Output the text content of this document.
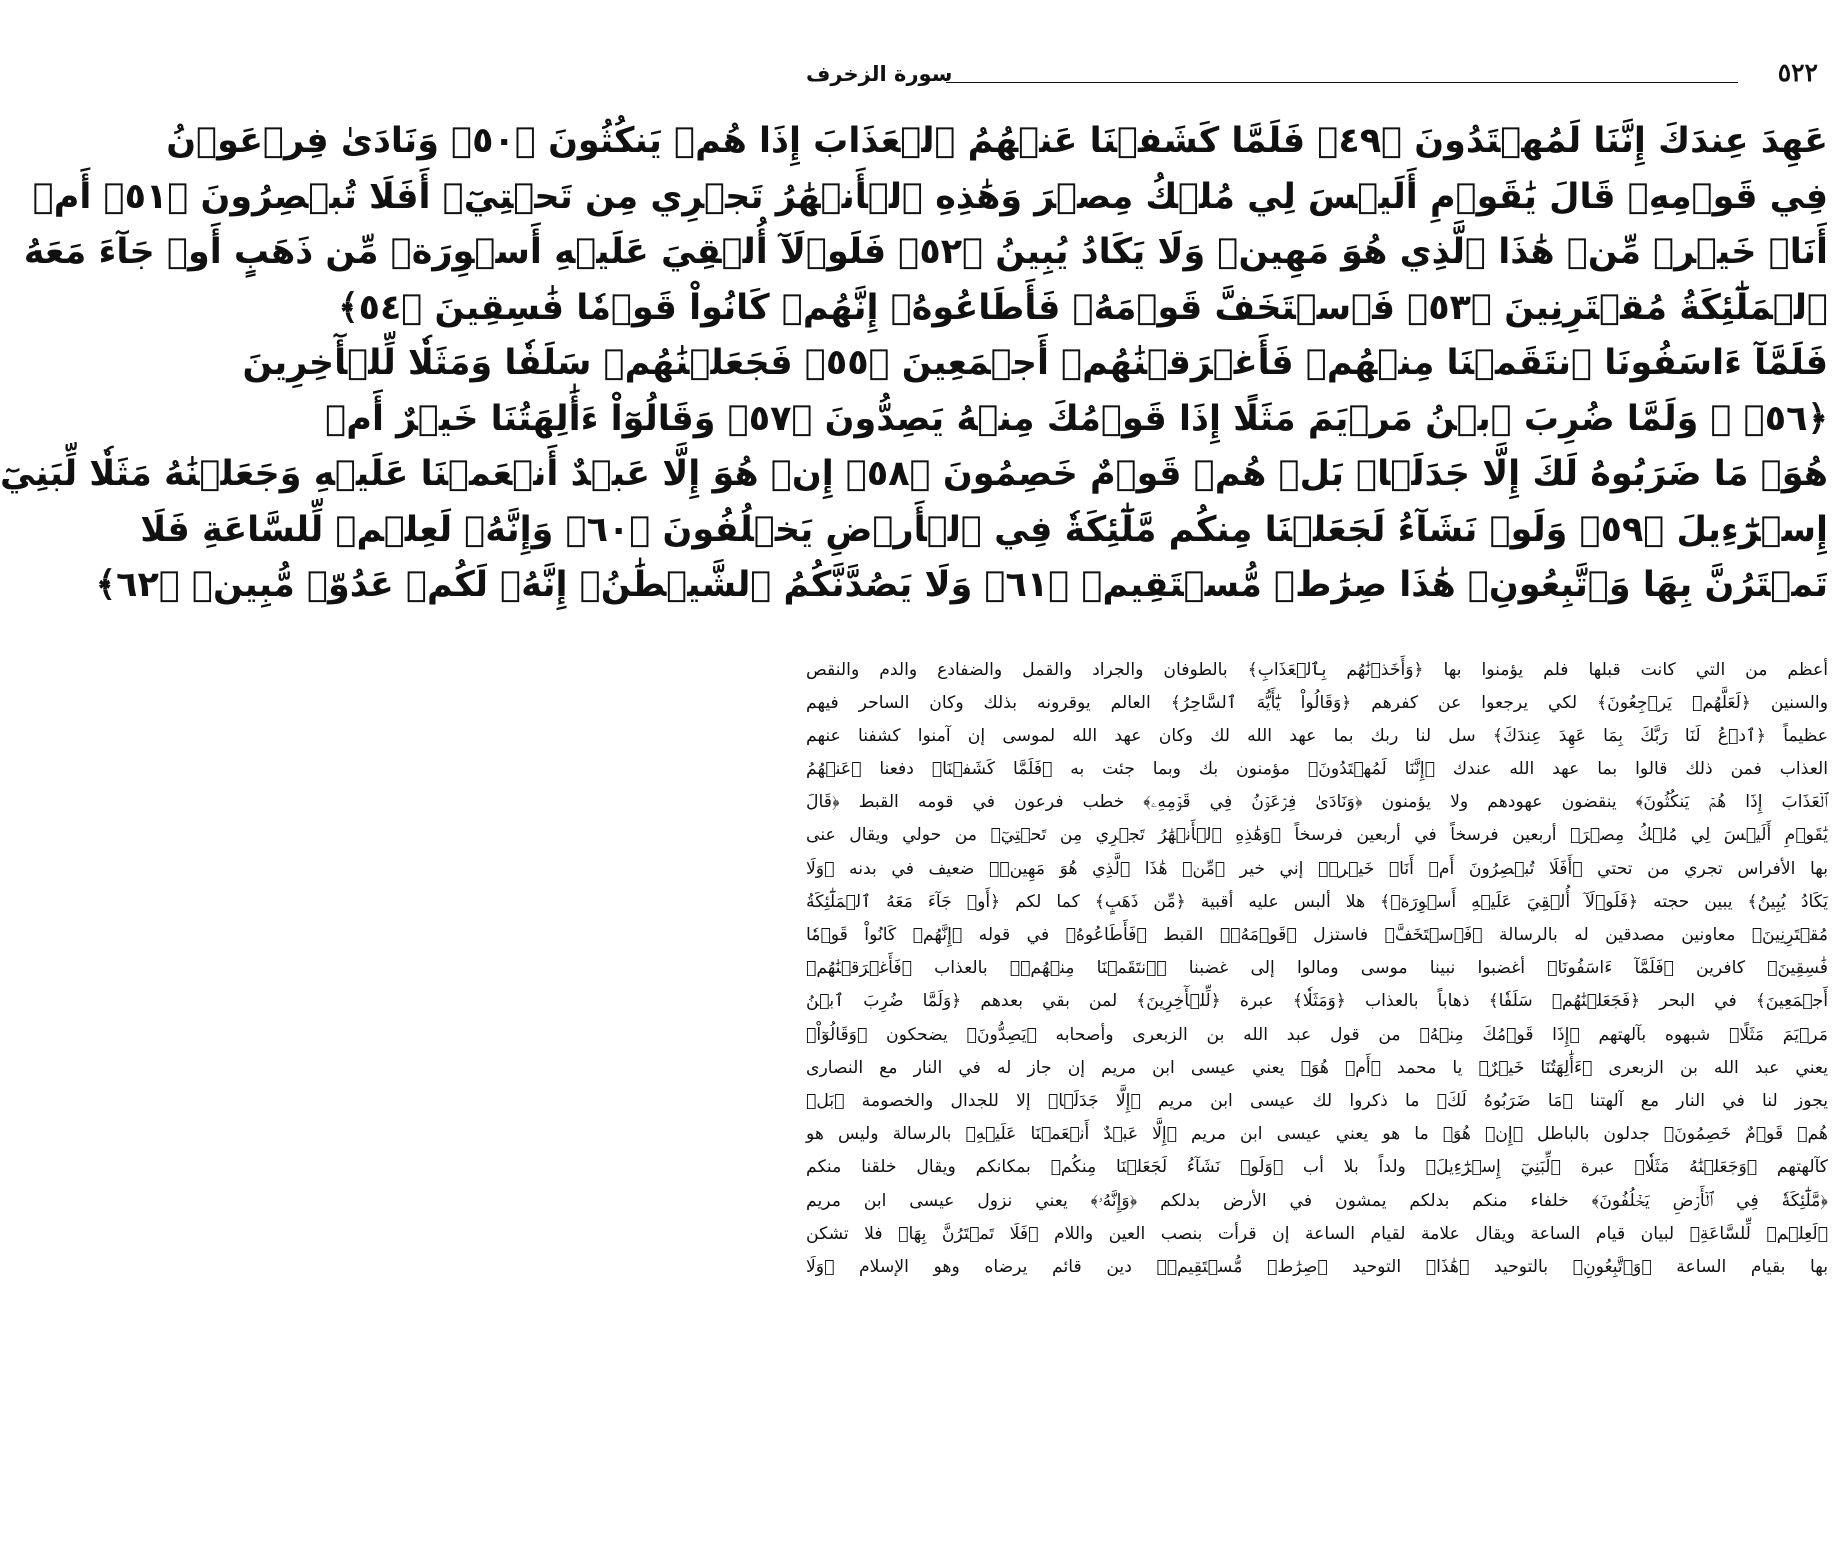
٥٢٢
سورة الزخرف
عَهِدَ عِندَكَ إِنَّنَا لَمُهۡتَدُونَ ﴿٤٩﴾ فَلَمَّا كَشَفۡنَا عَنۡهُمُ ٱلۡعَذَابَ إِذَا هُمۡ يَنكُثُونَ ﴿٥٠﴾ وَنَادَىٰ فِرۡعَوۡنُ
فِي قَوۡمِهِۦ قَالَ يَٰقَوۡمِ أَلَيۡسَ لِي مُلۡكُ مِصۡرَ وَهَٰذِهِ ٱلۡأَنۡهَٰرُ تَجۡرِي مِن تَحۡتِيٓۚ أَفَلَا تُبۡصِرُونَ ﴿٥١﴾ أَمۡ
أَنَا۠ خَيۡرٞ مِّنۡ هَٰذَا ٱلَّذِي هُوَ مَهِينٞ وَلَا يَكَادُ يُبِينُ ﴿٥٢﴾ فَلَوۡلَآ أُلۡقِيَ عَلَيۡهِ أَسۡوِرَةٞ مِّن ذَهَبٍ أَوۡ جَآءَ مَعَهُ
ٱلۡمَلَٰٓئِكَةُ مُقۡتَرِنِينَ ﴿٥٣﴾ فَٱسۡتَخَفَّ قَوۡمَهُۥ فَأَطَاعُوهُۚ إِنَّهُمۡ كَانُواْ قَوۡمٗا فَٰسِقِينَ ﴿٥٤﴾
فَلَمَّآ ءَاسَفُونَا ٱنتَقَمۡنَا مِنۡهُمۡ فَأَغۡرَقۡنَٰهُمۡ أَجۡمَعِينَ ﴿٥٥﴾ فَجَعَلۡنَٰهُمۡ سَلَفٗا وَمَثَلٗا لِّلۡأٓخِرِينَ
﴿٥٦﴾ ۞ وَلَمَّا ضُرِبَ ٱبۡنُ مَرۡيَمَ مَثَلًا إِذَا قَوۡمُكَ مِنۡهُ يَصِدُّونَ ﴿٥٧﴾ وَقَالُوٓاْ ءَأَٰلِهَتُنَا خَيۡرٌ أَمۡ
هُوَۚ مَا ضَرَبُوهُ لَكَ إِلَّا جَدَلَۢاۚ بَلۡ هُمۡ قَوۡمٌ خَصِمُونَ ﴿٥٨﴾ إِنۡ هُوَ إِلَّا عَبۡدٌ أَنۡعَمۡنَا عَلَيۡهِ وَجَعَلۡنَٰهُ مَثَلٗا لِّبَنِيٓ
إِسۡرَٰٓءِيلَ ﴿٥٩﴾ وَلَوۡ نَشَآءُ لَجَعَلۡنَا مِنكُم مَّلَٰٓئِكَةٗ فِي ٱلۡأَرۡضِ يَخۡلُفُونَ ﴿٦٠﴾ وَإِنَّهُۥ لَعِلۡمٞ لِّلسَّاعَةِ فَلَا
تَمۡتَرُنَّ بِهَا وَٱتَّبِعُونِۚ هَٰذَا صِرَٰطٞ مُّسۡتَقِيمٞ ﴿٦١﴾ وَلَا يَصُدَّنَّكُمُ ٱلشَّيۡطَٰنُۖ إِنَّهُۥ لَكُمۡ عَدُوّٞ مُّبِينٞ ﴿٦٢﴾
أعظم من التي كانت قبلها فلم يؤمنوا بها ﴿وَأَخَذۡنَٰهُم بِٱلۡعَذَابِ﴾ بالطوفان والجراد والقمل والضفادع والدم والنقص
والسنين ﴿لَعَلَّهُمۡ يَرۡجِعُونَ﴾ لكي يرجعوا عن كفرهم ﴿وَقَالُواْ يَٰٓأَيُّهَ ٱلسَّاحِرُ﴾ العالم يوقرونه بذلك وكان الساحر فيهم
عظيماً ﴿ٱدۡعُ لَنَا رَبَّكَ بِمَا عَهِدَ عِندَكَ﴾ سل لنا ربك بما عهد الله لك وكان عهد الله لموسى إن آمنوا كشفنا عنهم
العذاب فمن ذلك قالوا بما عهد الله عندك ﴿إِنَّنَا لَمُهۡتَدُونَ﴾ مؤمنون بك وبما جئت به ﴿فَلَمَّا كَشَفۡنَا﴾ دفعنا ﴿عَنۡهُمُ
ٱلۡعَذَابَ إِذَا هُمۡ يَنكُثُونَ﴾ ينقضون عهودهم ولا يؤمنون ﴿وَنَادَىٰ فِرۡعَوۡنُ فِي قَوۡمِهِۦ﴾ خطب فرعون في قومه القبط ﴿قَالَ
يَٰقَوۡمِ أَلَيۡسَ لِي مُلۡكُ مِصۡرَ﴾ أربعين فرسخاً في أربعين فرسخاً ﴿وَهَٰذِهِ ٱلۡأَنۡهَٰرُ تَجۡرِي مِن تَحۡتِيٓ﴾ من حولي ويقال عنى
بها الأفراس تجري من تحتي ﴿أَفَلَا تُبۡصِرُونَ أَمۡ أَنَا۠ خَيۡرٞ﴾ إني خير ﴿مِّنۡ هَٰذَا ٱلَّذِي هُوَ مَهِينٞ﴾ ضعيف في بدنه ﴿وَلَا
يَكَادُ يُبِينُ﴾ يبين حجته ﴿فَلَوۡلَآ أُلۡقِيَ عَلَيۡهِ أَسۡوِرَةٞ﴾ هلا ألبس عليه أقبية ﴿مِّن ذَهَبٍ﴾ كما لكم ﴿أَوۡ جَآءَ مَعَهُ ٱلۡمَلَٰٓئِكَةُ
مُقۡتَرِنِينَ﴾ معاونين مصدقين له بالرسالة ﴿فَٱسۡتَخَفَّ﴾ فاستزل ﴿قَوۡمَهُۥ﴾ القبط ﴿فَأَطَاعُوهُ﴾ في قوله ﴿إِنَّهُمۡ كَانُواْ قَوۡمٗا
فَٰسِقِينَ﴾ كافرين ﴿فَلَمَّآ ءَاسَفُونَا﴾ أغضبوا نبينا موسى ومالوا إلى غضبنا ﴿ٱنتَقَمۡنَا مِنۡهُمۡ﴾ بالعذاب ﴿فَأَغۡرَقۡنَٰهُمۡ
أَجۡمَعِينَ﴾ في البحر ﴿فَجَعَلۡنَٰهُمۡ سَلَفٗا﴾ ذهاباً بالعذاب ﴿وَمَثَلٗا﴾ عبرة ﴿لِّلۡأٓخِرِينَ﴾ لمن بقي بعدهم ﴿وَلَمَّا ضُرِبَ ٱبۡنُ
مَرۡيَمَ مَثَلًا﴾ شبهوه بآلهتهم ﴿إِذَا قَوۡمُكَ مِنۡهُ﴾ من قول عبد الله بن الزبعرى وأصحابه ﴿يَصِدُّونَ﴾ يضحكون ﴿وَقَالُوٓاْ﴾
يعني عبد الله بن الزبعرى ﴿ءَأَٰلِهَتُنَا خَيۡرٌ﴾ يا محمد ﴿أَمۡ هُوَ﴾ يعني عيسى ابن مريم إن جاز له في النار مع النصارى
يجوز لنا في النار مع آلهتنا ﴿مَا ضَرَبُوهُ لَكَ﴾ ما ذكروا لك عيسى ابن مريم ﴿إِلَّا جَدَلَۢا﴾ إلا للجدال والخصومة ﴿بَلۡ
هُمۡ قَوۡمٌ خَصِمُونَ﴾ جدلون بالباطل ﴿إِنۡ هُوَ﴾ ما هو يعني عيسى ابن مريم ﴿إِلَّا عَبۡدٌ أَنۡعَمۡنَا عَلَيۡهِ﴾ بالرسالة وليس هو
كآلهتهم ﴿وَجَعَلۡنَٰهُ مَثَلٗا﴾ عبرة ﴿لِّبَنِيٓ إِسۡرَٰٓءِيلَ﴾ ولداً بلا أب ﴿وَلَوۡ نَشَآءُ لَجَعَلۡنَا مِنكُم﴾ بمكانكم ويقال خلقنا منكم
﴿مَّلَٰٓئِكَةٗ فِي ٱلۡأَرۡضِ يَخۡلُفُونَ﴾ خلفاء منكم بدلكم يمشون في الأرض بدلكم ﴿وَإِنَّهُۥ﴾ يعني نزول عيسى ابن مريم
﴿لَعِلۡمٞ لِّلسَّاعَةِ﴾ لبيان قيام الساعة ويقال علامة لقيام الساعة إن قرأت بنصب العين واللام ﴿فَلَا تَمۡتَرُنَّ بِهَا﴾ فلا تشكن
بها بقيام الساعة ﴿وَٱتَّبِعُونِ﴾ بالتوحيد ﴿هَٰذَا﴾ التوحيد ﴿صِرَٰطٞ مُّسۡتَقِيمٞ﴾ دين قائم يرضاه وهو الإسلام ﴿وَلَا
